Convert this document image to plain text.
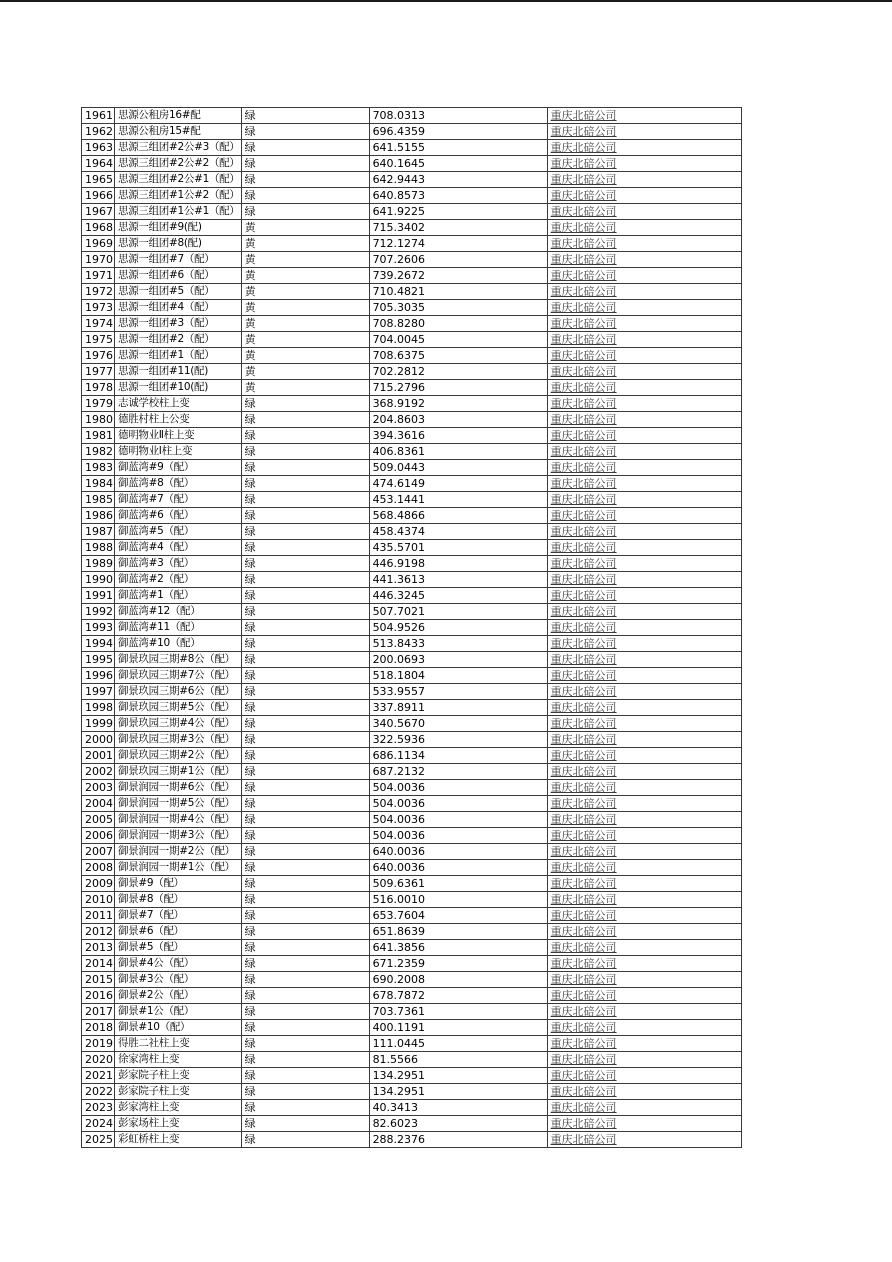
1961	思源公租房16#配	绿	708.0313	重庆北碚公司
1962	思源公租房15#配	绿	696.4359	重庆北碚公司
1963	思源三组团#2公#3（配）	绿	641.5155	重庆北碚公司
1964	思源三组团#2公#2（配）	绿	640.1645	重庆北碚公司
1965	思源三组团#2公#1（配）	绿	642.9443	重庆北碚公司
1966	思源三组团#1公#2（配）	绿	640.8573	重庆北碚公司
1967	思源三组团#1公#1（配）	绿	641.9225	重庆北碚公司
1968	思源一组团#9(配)	黄	715.3402	重庆北碚公司
1969	思源一组团#8(配)	黄	712.1274	重庆北碚公司
1970	思源一组团#7（配）	黄	707.2606	重庆北碚公司
1971	思源一组团#6（配）	黄	739.2672	重庆北碚公司
1972	思源一组团#5（配）	黄	710.4821	重庆北碚公司
1973	思源一组团#4（配）	黄	705.3035	重庆北碚公司
1974	思源一组团#3（配）	黄	708.8280	重庆北碚公司
1975	思源一组团#2（配）	黄	704.0045	重庆北碚公司
1976	思源一组团#1（配）	黄	708.6375	重庆北碚公司
1977	思源一组团#11(配)	黄	702.2812	重庆北碚公司
1978	思源一组团#10(配)	黄	715.2796	重庆北碚公司
1979	志诚学校柱上变	绿	368.9192	重庆北碚公司
1980	德胜村柱上公变	绿	204.8603	重庆北碚公司
1981	德明物业Ⅱ柱上变	绿	394.3616	重庆北碚公司
1982	德明物业Ⅰ柱上变	绿	406.8361	重庆北碚公司
1983	御蓝湾#9（配）	绿	509.0443	重庆北碚公司
1984	御蓝湾#8（配）	绿	474.6149	重庆北碚公司
1985	御蓝湾#7（配）	绿	453.1441	重庆北碚公司
1986	御蓝湾#6（配）	绿	568.4866	重庆北碚公司
1987	御蓝湾#5（配）	绿	458.4374	重庆北碚公司
1988	御蓝湾#4（配）	绿	435.5701	重庆北碚公司
1989	御蓝湾#3（配）	绿	446.9198	重庆北碚公司
1990	御蓝湾#2（配）	绿	441.3613	重庆北碚公司
1991	御蓝湾#1（配）	绿	446.3245	重庆北碚公司
1992	御蓝湾#12（配）	绿	507.7021	重庆北碚公司
1993	御蓝湾#11（配）	绿	504.9526	重庆北碚公司
1994	御蓝湾#10（配）	绿	513.8433	重庆北碚公司
1995	御景玖园三期#8公（配）	绿	200.0693	重庆北碚公司
1996	御景玖园三期#7公（配）	绿	518.1804	重庆北碚公司
1997	御景玖园三期#6公（配）	绿	533.9557	重庆北碚公司
1998	御景玖园三期#5公（配）	绿	337.8911	重庆北碚公司
1999	御景玖园三期#4公（配）	绿	340.5670	重庆北碚公司
2000	御景玖园三期#3公（配）	绿	322.5936	重庆北碚公司
2001	御景玖园三期#2公（配）	绿	686.1134	重庆北碚公司
2002	御景玖园三期#1公（配）	绿	687.2132	重庆北碚公司
2003	御景润园一期#6公（配）	绿	504.0036	重庆北碚公司
2004	御景润园一期#5公（配）	绿	504.0036	重庆北碚公司
2005	御景润园一期#4公（配）	绿	504.0036	重庆北碚公司
2006	御景润园一期#3公（配）	绿	504.0036	重庆北碚公司
2007	御景润园一期#2公（配）	绿	640.0036	重庆北碚公司
2008	御景润园一期#1公（配）	绿	640.0036	重庆北碚公司
2009	御景#9（配）	绿	509.6361	重庆北碚公司
2010	御景#8（配）	绿	516.0010	重庆北碚公司
2011	御景#7（配）	绿	653.7604	重庆北碚公司
2012	御景#6（配）	绿	651.8639	重庆北碚公司
2013	御景#5（配）	绿	641.3856	重庆北碚公司
2014	御景#4公（配）	绿	671.2359	重庆北碚公司
2015	御景#3公（配）	绿	690.2008	重庆北碚公司
2016	御景#2公（配）	绿	678.7872	重庆北碚公司
2017	御景#1公（配）	绿	703.7361	重庆北碚公司
2018	御景#10（配）	绿	400.1191	重庆北碚公司
2019	得胜二社柱上变	绿	111.0445	重庆北碚公司
2020	徐家湾柱上变	绿	81.5566	重庆北碚公司
2021	彭家院子柱上变	绿	134.2951	重庆北碚公司
2022	彭家院子柱上变	绿	134.2951	重庆北碚公司
2023	彭家湾柱上变	绿	40.3413	重庆北碚公司
2024	彭家场柱上变	绿	82.6023	重庆北碚公司
2025	彩虹桥柱上变	绿	288.2376	重庆北碚公司
